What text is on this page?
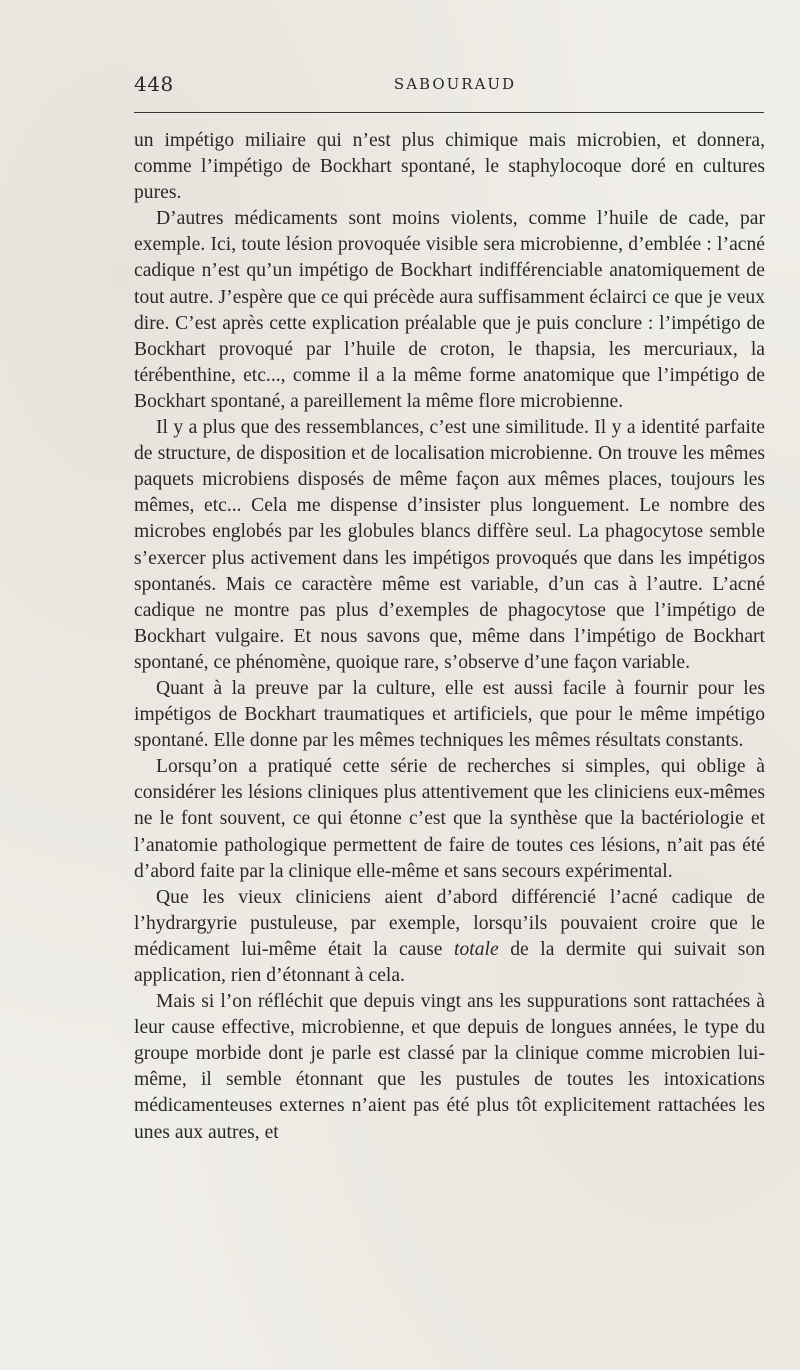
448	SABOURAUD

un impétigo miliaire qui n’est plus chimique mais microbien, et donnera, comme l’impétigo de Bockhart spontané, le staphylocoque doré en cultures pures.

D’autres médicaments sont moins violents, comme l’huile de cade, par exemple. Ici, toute lésion provoquée visible sera microbienne, d’emblée : l’acné cadique n’est qu’un impétigo de Bockhart indifférenciable anatomiquement de tout autre. J’espère que ce qui précède aura suffisamment éclairci ce que je veux dire. C’est après cette explication préalable que je puis conclure : l’impétigo de Bockhart provoqué par l’huile de croton, le thapsia, les mercuriaux, la térébenthine, etc..., comme il a la même forme anatomique que l’impétigo de Bockhart spontané, a pareillement la même flore microbienne.

Il y a plus que des ressemblances, c’est une similitude. Il y a identité parfaite de structure, de disposition et de localisation microbienne. On trouve les mêmes paquets microbiens disposés de même façon aux mêmes places, toujours les mêmes, etc... Cela me dispense d’insister plus longuement. Le nombre des microbes englobés par les globules blancs diffère seul. La phagocytose semble s’exercer plus activement dans les impétigos provoqués que dans les impétigos spontanés. Mais ce caractère même est variable, d’un cas à l’autre. L’acné cadique ne montre pas plus d’exemples de phagocytose que l’impétigo de Bockhart vulgaire. Et nous savons que, même dans l’impétigo de Bockhart spontané, ce phénomène, quoique rare, s’observe d’une façon variable.

Quant à la preuve par la culture, elle est aussi facile à fournir pour les impétigos de Bockhart traumatiques et artificiels, que pour le même impétigo spontané. Elle donne par les mêmes techniques les mêmes résultats constants.

Lorsqu’on a pratiqué cette série de recherches si simples, qui oblige à considérer les lésions cliniques plus attentivement que les cliniciens eux-mêmes ne le font souvent, ce qui étonne c’est que la synthèse que la bactériologie et l’anatomie pathologique permettent de faire de toutes ces lésions, n’ait pas été d’abord faite par la clinique elle-même et sans secours expérimental.

Que les vieux cliniciens aient d’abord différencié l’acné cadique de l’hydrargyrie pustuleuse, par exemple, lorsqu’ils pouvaient croire que le médicament lui-même était la cause totale de la dermite qui suivait son application, rien d’étonnant à cela.

Mais si l’on réfléchit que depuis vingt ans les suppurations sont rattachées à leur cause effective, microbienne, et que depuis de longues années, le type du groupe morbide dont je parle est classé par la clinique comme microbien lui-même, il semble étonnant que les pustules de toutes les intoxications médicamenteuses externes n’aient pas été plus tôt explicitement rattachées les unes aux autres, et
